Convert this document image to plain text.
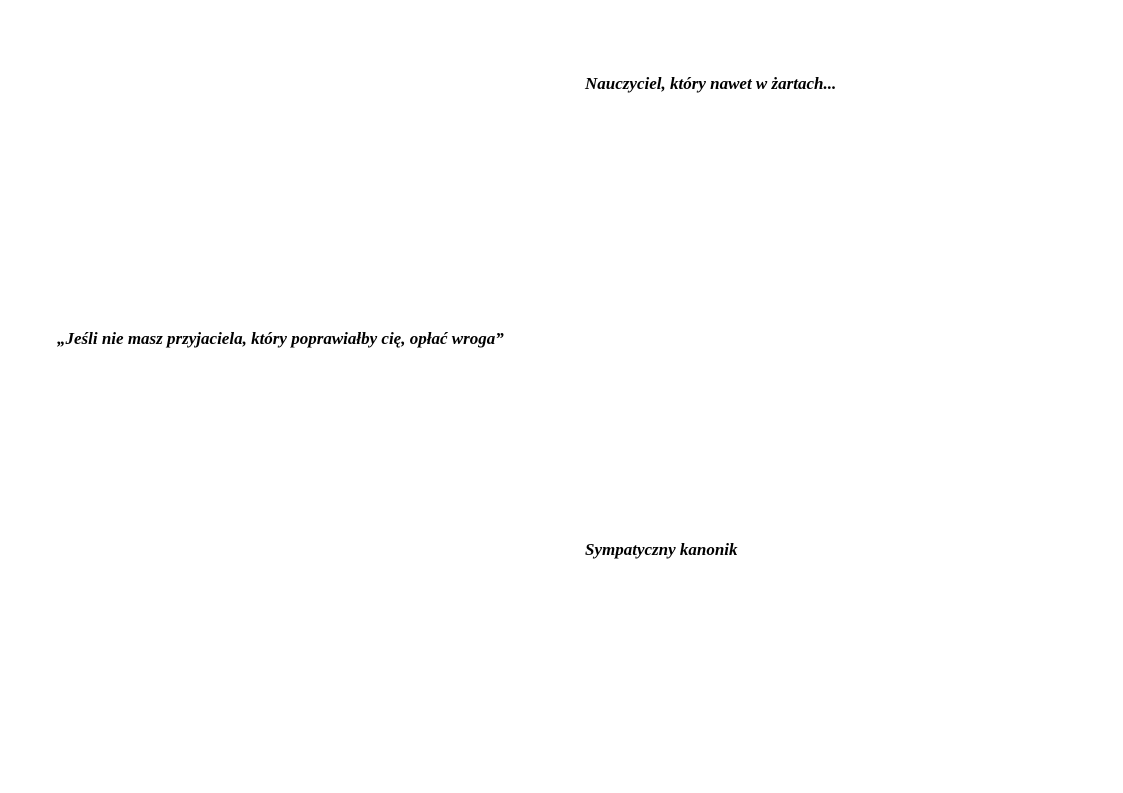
Nauczyciel, który nawet w żartach...

„Jeśli nie masz przyjaciela, który poprawiałby cię, opłać wroga”

Sympatyczny kanonik
